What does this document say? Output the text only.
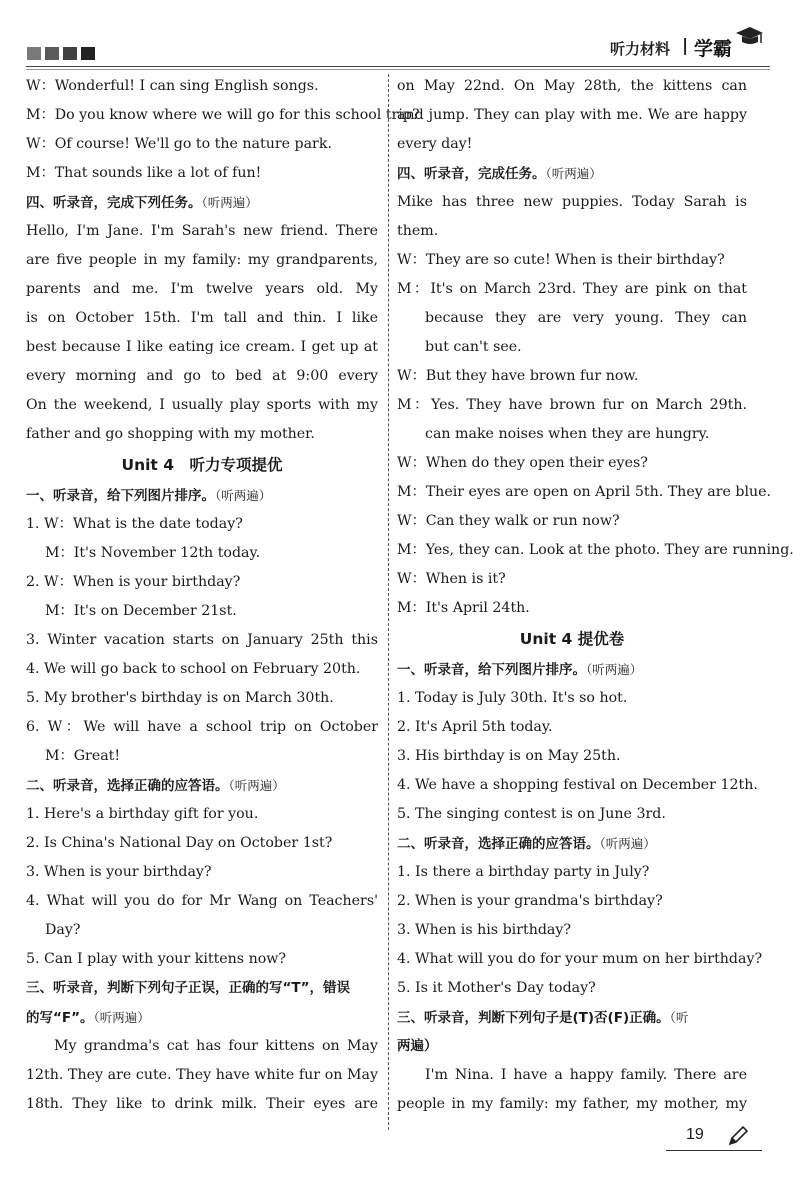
听力材料 | 学霸
W：Wonderful! I can sing English songs.
M：Do you know where we will go for this school trip?
W：Of course! We'll go to the nature park.
M：That sounds like a lot of fun!
四、听录音，完成下列任务。（听两遍）
Hello, I'm Jane. I'm Sarah's new friend. There
are five people in my family: my grandparents,
parents and me. I'm twelve years old. My
is on October 15th. I'm tall and thin. I like
best because I like eating ice cream. I get up at
every morning and go to bed at 9:00 every
On the weekend, I usually play sports with my
father and go shopping with my mother.
Unit 4　听力专项提优
一、听录音，给下列图片排序。（听两遍）
1. W：What is the date today?
M：It's November 12th today.
2. W：When is your birthday?
M：It's on December 21st.
3. Winter vacation starts on January 25th this
4. We will go back to school on February 20th.
5. My brother's birthday is on March 30th.
6. W：We will have a school trip on October
M：Great!
二、听录音，选择正确的应答语。（听两遍）
1. Here's a birthday gift for you.
2. Is China's National Day on October 1st?
3. When is your birthday?
4. What will you do for Mr Wang on Teachers'
Day?
5. Can I play with your kittens now?
三、听录音，判断下列句子正误，正确的写“T”，错误
的写“F”。（听两遍）
My grandma's cat has four kittens on May
12th. They are cute. They have white fur on May
18th. They like to drink milk. Their eyes are
on May 22nd. On May 28th, the kittens can
and jump. They can play with me. We are happy
every day!
四、听录音，完成任务。（听两遍）
Mike has three new puppies. Today Sarah is
them.
W：They are so cute! When is their birthday?
M：It's on March 23rd. They are pink on that
because they are very young. They can
but can't see.
W：But they have brown fur now.
M：Yes. They have brown fur on March 29th.
can make noises when they are hungry.
W：When do they open their eyes?
M：Their eyes are open on April 5th. They are blue.
W：Can they walk or run now?
M：Yes, they can. Look at the photo. They are running.
W：When is it?
M：It's April 24th.
Unit 4 提优卷
一、听录音，给下列图片排序。（听两遍）
1. Today is July 30th. It's so hot.
2. It's April 5th today.
3. His birthday is on May 25th.
4. We have a shopping festival on December 12th.
5. The singing contest is on June 3rd.
二、听录音，选择正确的应答语。（听两遍）
1. Is there a birthday party in July?
2. When is your grandma's birthday?
3. When is his birthday?
4. What will you do for your mum on her birthday?
5. Is it Mother's Day today?
三、听录音，判断下列句子是(T)否(F)正确。（听
两遍）
I'm Nina. I have a happy family. There are
people in my family: my father, my mother, my
19
